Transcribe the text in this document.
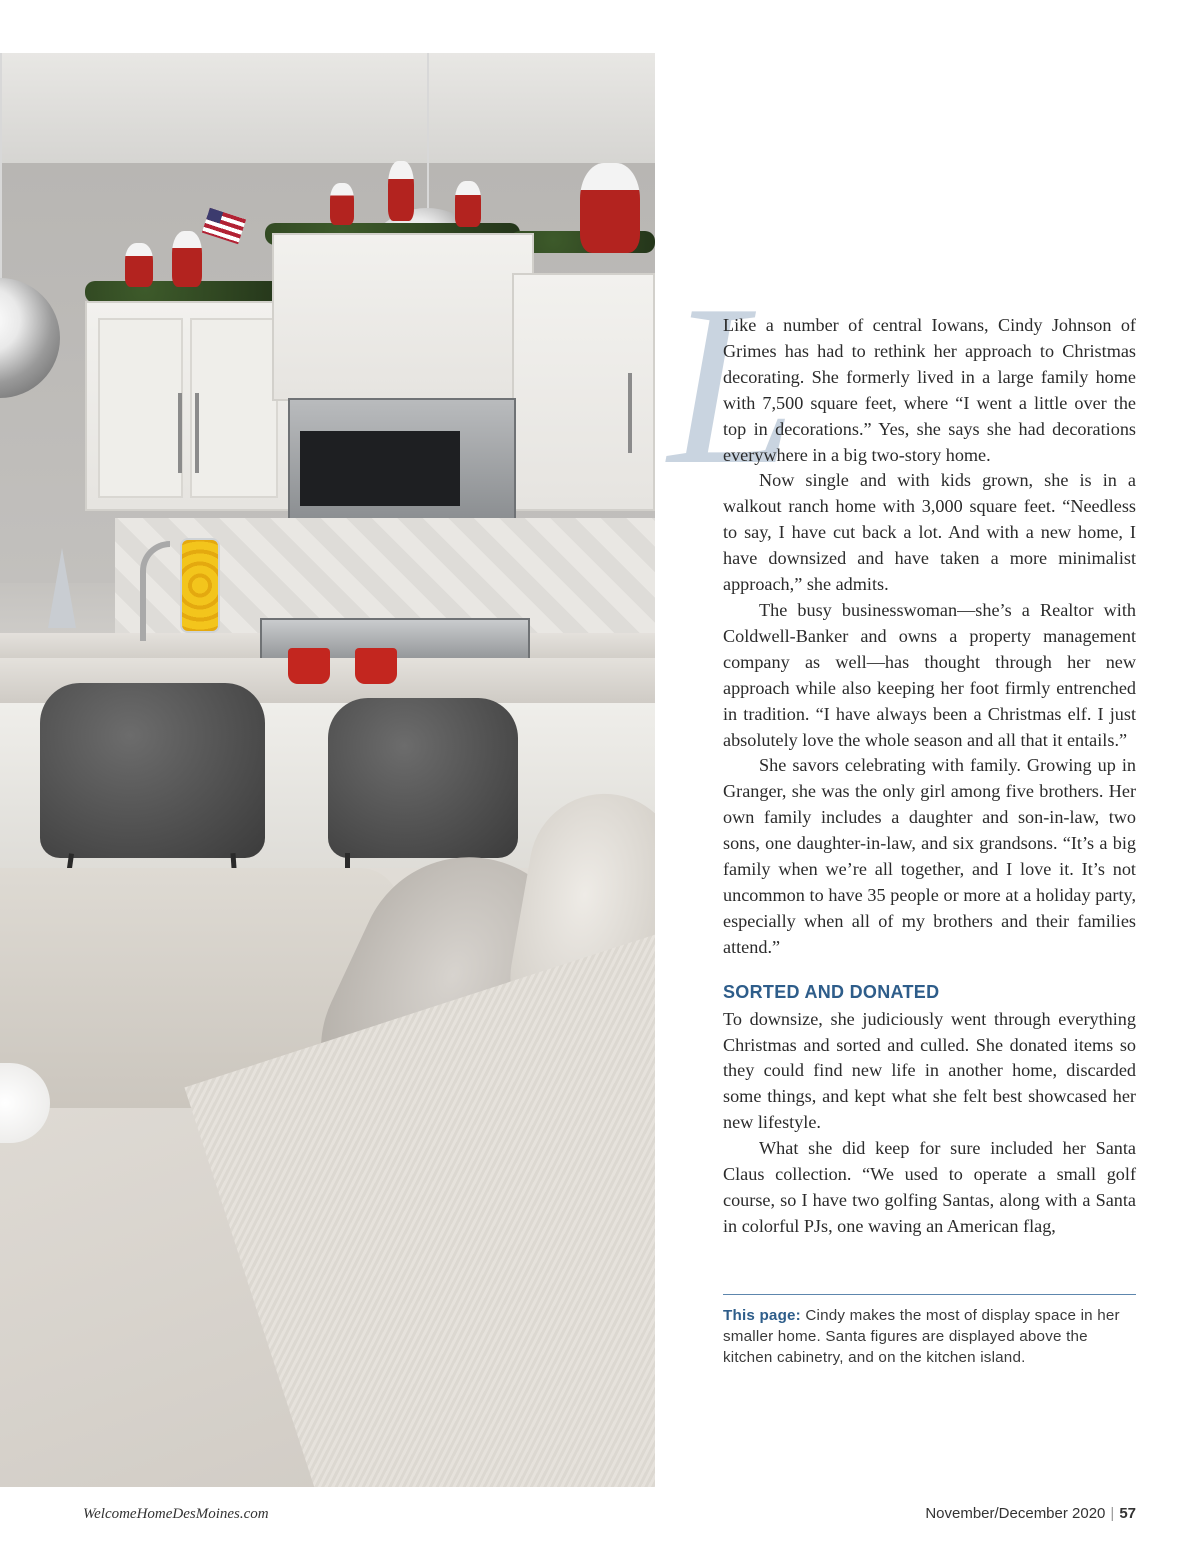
L

Like a number of central Iowans, Cindy Johnson of Grimes has had to rethink her approach to Christmas decorating. She formerly lived in a large family home with 7,500 square feet, where “I went a little over the top in decorations.” Yes, she says she had decorations everywhere in a big two-story home.

Now single and with kids grown, she is in a walkout ranch home with 3,000 square feet. “Needless to say, I have cut back a lot. And with a new home, I have downsized and have taken a more minimalist approach,” she admits.

The busy businesswoman—she’s a Realtor with Coldwell-Banker and owns a property management company as well—has thought through her new approach while also keeping her foot firmly entrenched in tradition. “I have always been a Christmas elf. I just absolutely love the whole season and all that it entails.”

She savors celebrating with family. Growing up in Granger, she was the only girl among five brothers. Her own family includes a daughter and son-in-law, two sons, one daughter-in-law, and six grandsons. “It’s a big family when we’re all together, and I love it. It’s not uncommon to have 35 people or more at a holiday party, especially when all of my brothers and their families attend.”

SORTED AND DONATED

To downsize, she judiciously went through everything Christmas and sorted and culled. She donated items so they could find new life in another home, discarded some things, and kept what she felt best showcased her new lifestyle.

What she did keep for sure included her Santa Claus collection. “We used to operate a small golf course, so I have two golfing Santas, along with a Santa in colorful PJs, one waving an American flag,

This page: Cindy makes the most of display space in her smaller home. Santa figures are displayed above the kitchen cabinetry, and on the kitchen island.

WelcomeHomeDesMoines.com	November/December 2020 | 57
